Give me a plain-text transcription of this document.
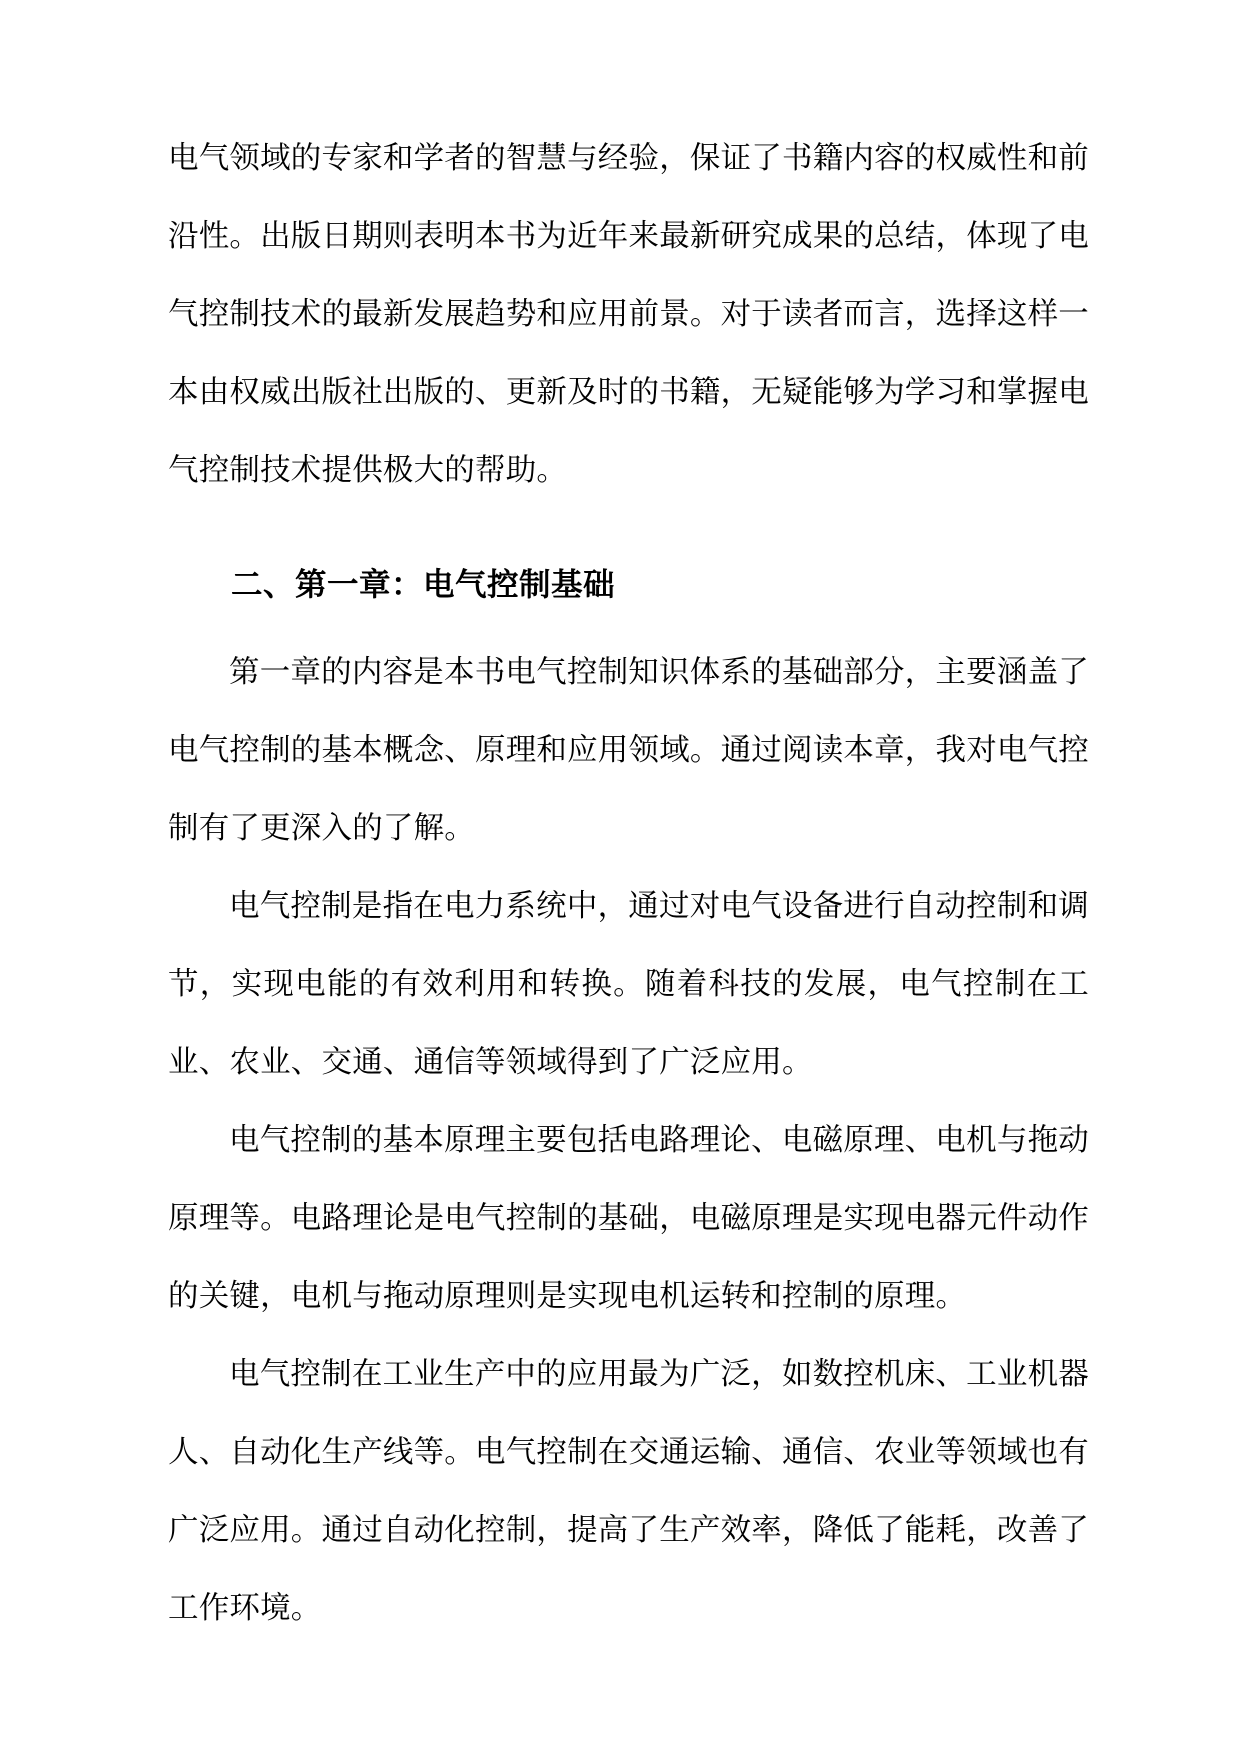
电气领域的专家和学者的智慧与经验，保证了书籍内容的权威性和前沿性。出版日期则表明本书为近年来最新研究成果的总结，体现了电气控制技术的最新发展趋势和应用前景。对于读者而言，选择这样一本由权威出版社出版的、更新及时的书籍，无疑能够为学习和掌握电气控制技术提供极大的帮助。

二、第一章：电气控制基础

第一章的内容是本书电气控制知识体系的基础部分，主要涵盖了电气控制的基本概念、原理和应用领域。通过阅读本章，我对电气控制有了更深入的了解。

电气控制是指在电力系统中，通过对电气设备进行自动控制和调节，实现电能的有效利用和转换。随着科技的发展，电气控制在工业、农业、交通、通信等领域得到了广泛应用。

电气控制的基本原理主要包括电路理论、电磁原理、电机与拖动原理等。电路理论是电气控制的基础，电磁原理是实现电器元件动作的关键，电机与拖动原理则是实现电机运转和控制的原理。

电气控制在工业生产中的应用最为广泛，如数控机床、工业机器人、自动化生产线等。电气控制在交通运输、通信、农业等领域也有广泛应用。通过自动化控制，提高了生产效率，降低了能耗，改善了工作环境。
